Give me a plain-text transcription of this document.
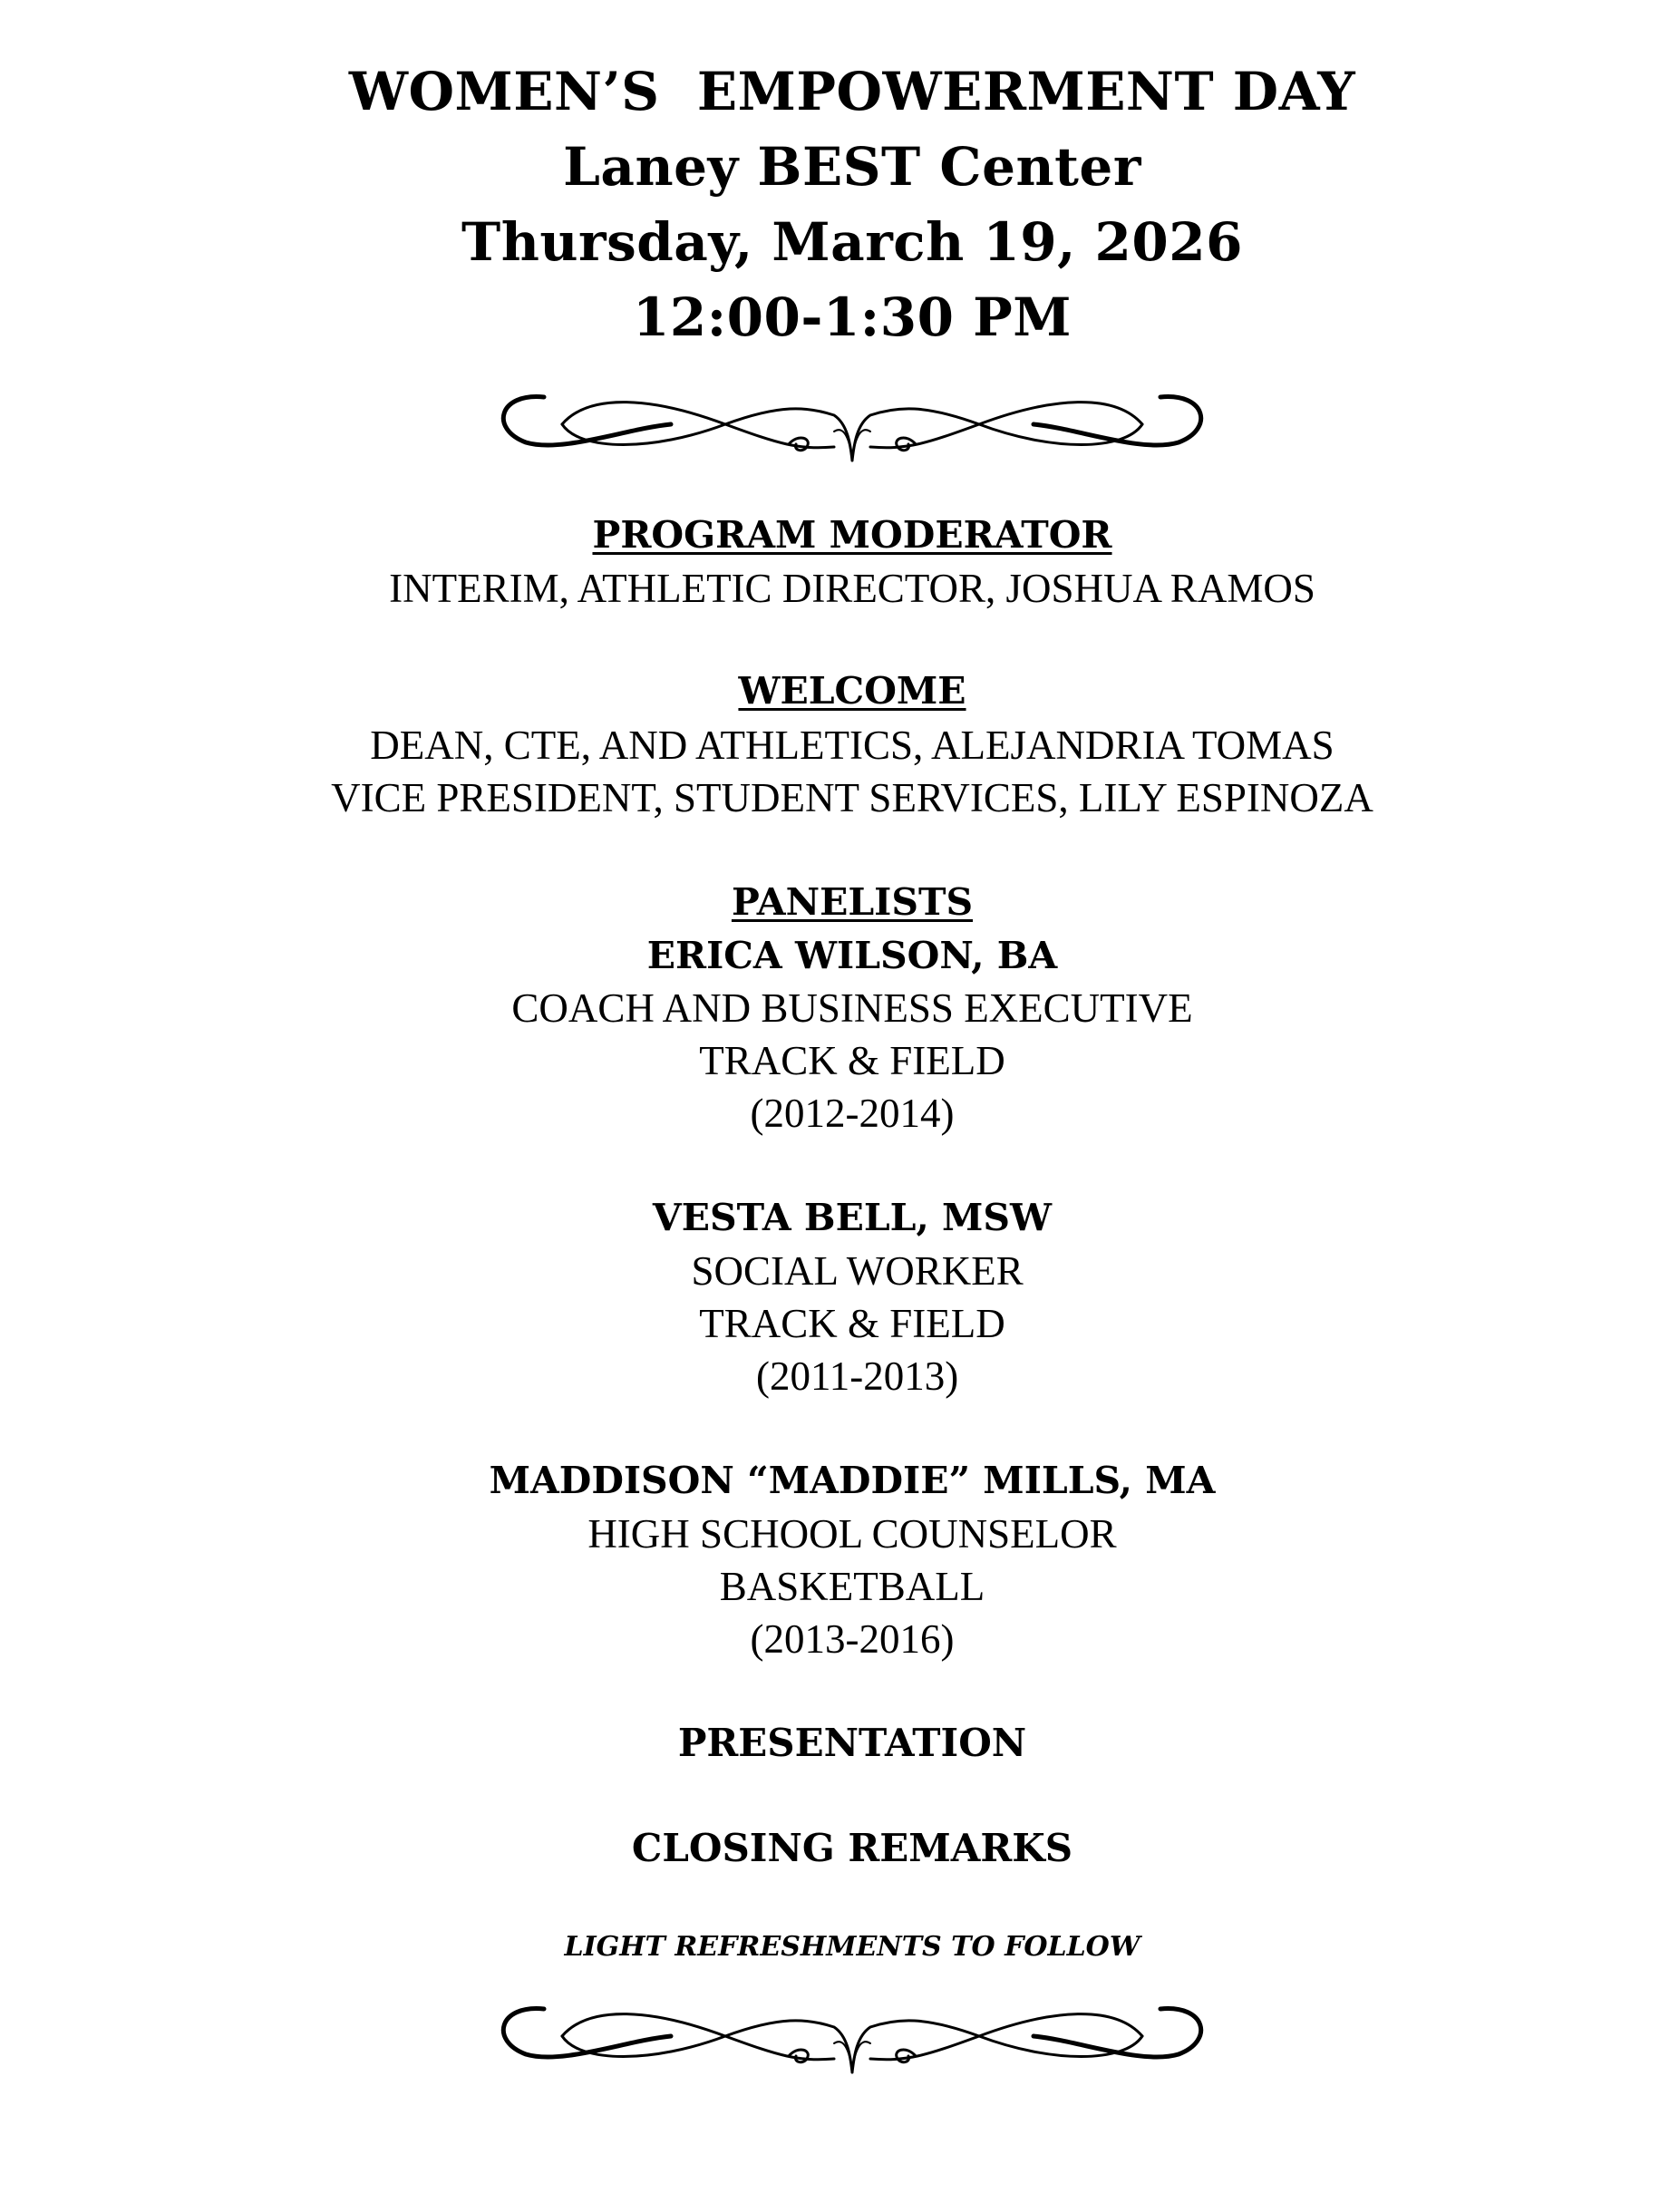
WOMEN’S  EMPOWERMENT DAY
Laney BEST Center
Thursday, March 19, 2026
12:00-1:30 PM
PROGRAM MODERATOR
INTERIM, ATHLETIC DIRECTOR, JOSHUA RAMOS
WELCOME
DEAN, CTE, AND ATHLETICS, ALEJANDRIA TOMAS
VICE PRESIDENT, STUDENT SERVICES, LILY ESPINOZA
PANELISTS
ERICA WILSON, BA
COACH AND BUSINESS EXECUTIVE
TRACK & FIELD
(2012-2014)
VESTA BELL, MSW
SOCIAL WORKER
TRACK & FIELD
(2011-2013)
MADDISON “MADDIE” MILLS, MA
HIGH SCHOOL COUNSELOR
BASKETBALL
(2013-2016)
PRESENTATION
CLOSING REMARKS
LIGHT REFRESHMENTS TO FOLLOW
